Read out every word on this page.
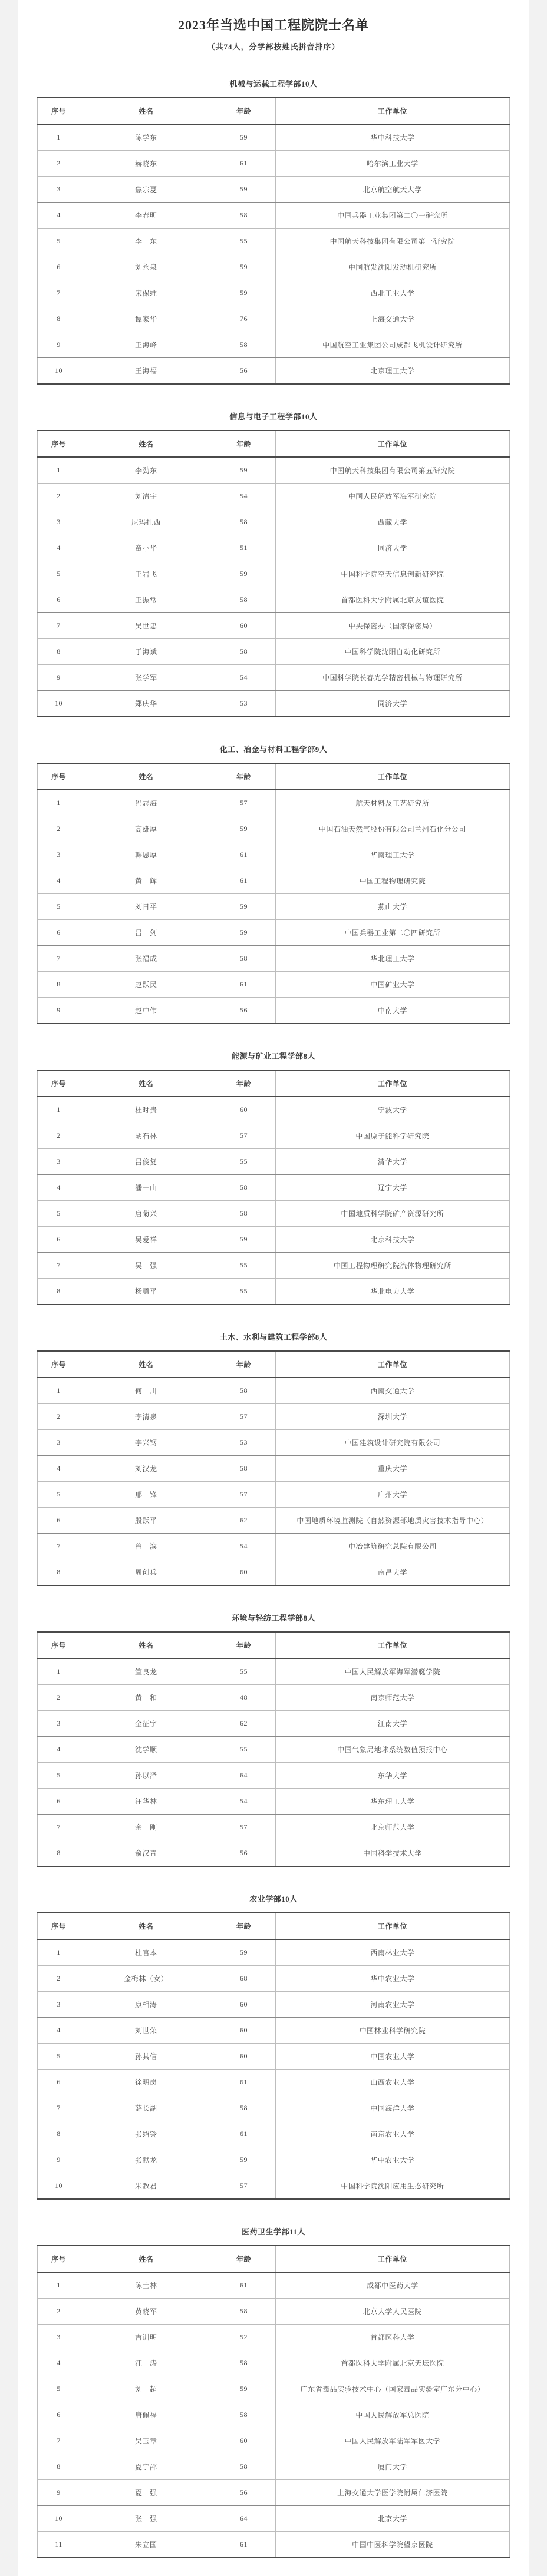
2023年当选中国工程院院士名单
（共74人，分学部按姓氏拼音排序）
机械与运载工程学部10人
序号	姓名	年龄	工作单位
1	陈学东	59	华中科技大学
2	赫晓东	61	哈尔滨工业大学
3	焦宗夏	59	北京航空航天大学
4	李春明	58	中国兵器工业集团第二〇一研究所
5	李　东	55	中国航天科技集团有限公司第一研究院
6	刘永泉	59	中国航发沈阳发动机研究所
7	宋保维	59	西北工业大学
8	谭家华	76	上海交通大学
9	王海峰	58	中国航空工业集团公司成都飞机设计研究所
10	王海福	56	北京理工大学
信息与电子工程学部10人
序号	姓名	年龄	工作单位
1	李劲东	59	中国航天科技集团有限公司第五研究院
2	刘清宇	54	中国人民解放军海军研究院
3	尼玛扎西	58	西藏大学
4	童小华	51	同济大学
5	王岩飞	59	中国科学院空天信息创新研究院
6	王振常	58	首都医科大学附属北京友谊医院
7	吴世忠	60	中央保密办（国家保密局）
8	于海斌	58	中国科学院沈阳自动化研究所
9	张学军	54	中国科学院长春光学精密机械与物理研究所
10	郑庆华	53	同济大学
化工、冶金与材料工程学部9人
序号	姓名	年龄	工作单位
1	冯志海	57	航天材料及工艺研究所
2	高雄厚	59	中国石油天然气股份有限公司兰州石化分公司
3	韩恩厚	61	华南理工大学
4	黄　辉	61	中国工程物理研究院
5	刘日平	59	燕山大学
6	吕　剑	59	中国兵器工业第二〇四研究所
7	张福成	58	华北理工大学
8	赵跃民	61	中国矿业大学
9	赵中伟	56	中南大学
能源与矿业工程学部8人
序号	姓名	年龄	工作单位
1	杜时贵	60	宁波大学
2	胡石林	57	中国原子能科学研究院
3	吕俊复	55	清华大学
4	潘一山	58	辽宁大学
5	唐菊兴	58	中国地质科学院矿产资源研究所
6	吴爱祥	59	北京科技大学
7	吴　强	55	中国工程物理研究院流体物理研究所
8	杨勇平	55	华北电力大学
土木、水利与建筑工程学部8人
序号	姓名	年龄	工作单位
1	何　川	58	西南交通大学
2	李清泉	57	深圳大学
3	李兴钢	53	中国建筑设计研究院有限公司
4	刘汉龙	58	重庆大学
5	邢　锋	57	广州大学
6	殷跃平	62	中国地质环境监测院（自然资源部地质灾害技术指导中心）
7	曾　滨	54	中冶建筑研究总院有限公司
8	周创兵	60	南昌大学
环境与轻纺工程学部8人
序号	姓名	年龄	工作单位
1	笪良龙	55	中国人民解放军海军潜艇学院
2	黄　和	48	南京师范大学
3	金征宇	62	江南大学
4	沈学顺	55	中国气象局地球系统数值预报中心
5	孙以泽	64	东华大学
6	汪华林	54	华东理工大学
7	余　刚	57	北京师范大学
8	俞汉青	56	中国科学技术大学
农业学部10人
序号	姓名	年龄	工作单位
1	杜官本	59	西南林业大学
2	金梅林（女）	68	华中农业大学
3	康相涛	60	河南农业大学
4	刘世荣	60	中国林业科学研究院
5	孙其信	60	中国农业大学
6	徐明岗	61	山西农业大学
7	薛长湖	58	中国海洋大学
8	张绍铃	61	南京农业大学
9	张献龙	59	华中农业大学
10	朱教君	57	中国科学院沈阳应用生态研究所
医药卫生学部11人
序号	姓名	年龄	工作单位
1	陈士林	61	成都中医药大学
2	黄晓军	58	北京大学人民医院
3	吉训明	52	首都医科大学
4	江　涛	58	首都医科大学附属北京天坛医院
5	刘　超	59	广东省毒品实验技术中心（国家毒品实验室广东分中心）
6	唐佩福	58	中国人民解放军总医院
7	吴玉章	60	中国人民解放军陆军军医大学
8	夏宁邵	58	厦门大学
9	夏　强	56	上海交通大学医学院附属仁济医院
10	张　强	64	北京大学
11	朱立国	61	中国中医科学院望京医院
